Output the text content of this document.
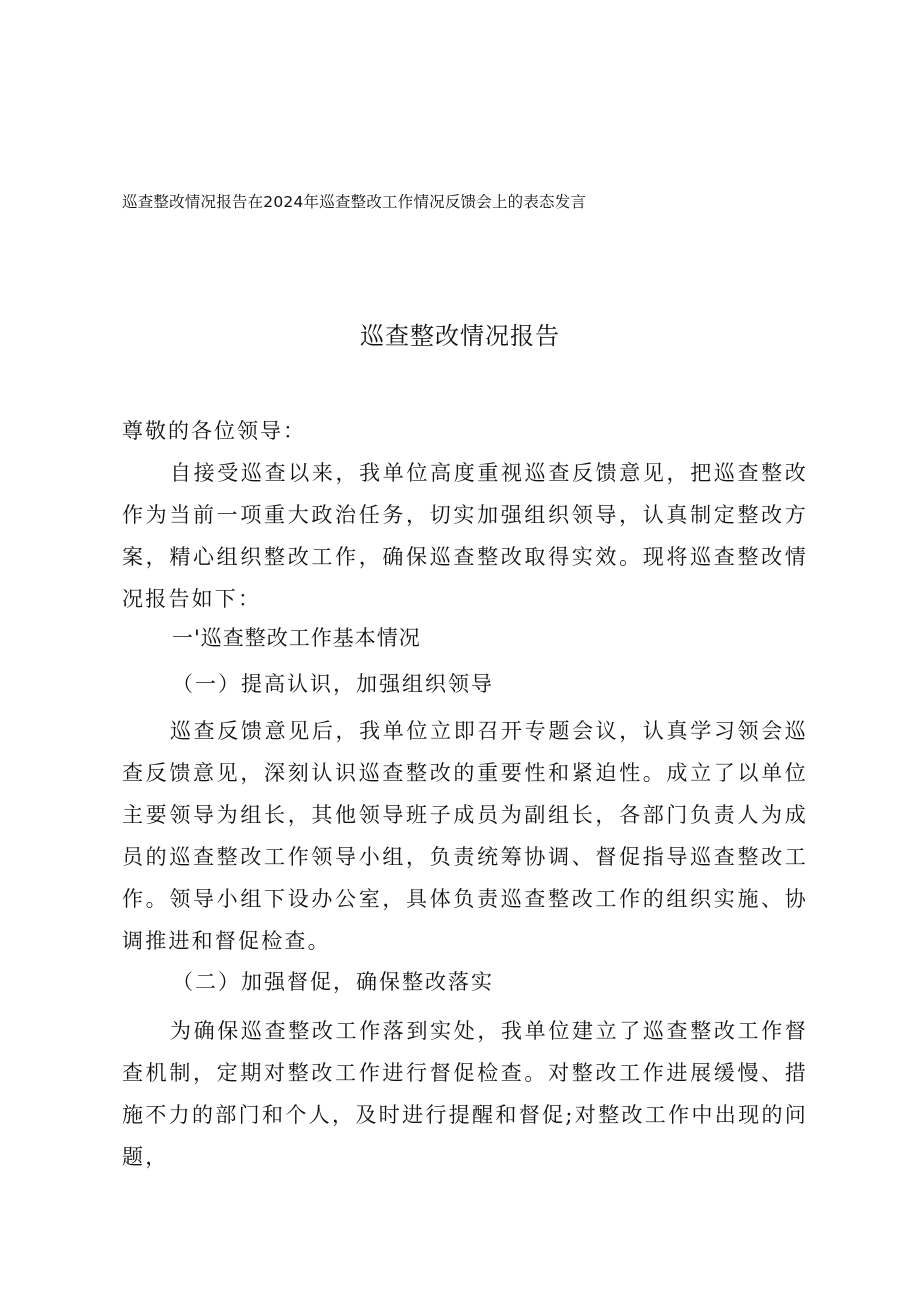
巡查整改情况报告在2024年巡查整改工作情况反馈会上的表态发言
巡查整改情况报告
尊敬的各位领导：

自接受巡查以来，我单位高度重视巡查反馈意见，把巡查整改作为当前一项重大政治任务，切实加强组织领导，认真制定整改方案，精心组织整改工作，确保巡查整改取得实效。现将巡查整改情况报告如下：

一'巡查整改工作基本情况
（一）提高认识，加强组织领导

巡查反馈意见后，我单位立即召开专题会议，认真学习领会巡查反馈意见，深刻认识巡查整改的重要性和紧迫性。成立了以单位主要领导为组长，其他领导班子成员为副组长，各部门负责人为成员的巡查整改工作领导小组，负责统筹协调、督促指导巡查整改工作。领导小组下设办公室，具体负责巡查整改工作的组织实施、协调推进和督促检查。

（二）加强督促，确保整改落实

为确保巡查整改工作落到实处，我单位建立了巡查整改工作督查机制，定期对整改工作进行督促检查。对整改工作进展缓慢、措施不力的部门和个人，及时进行提醒和督促;对整改工作中出现的问题，
